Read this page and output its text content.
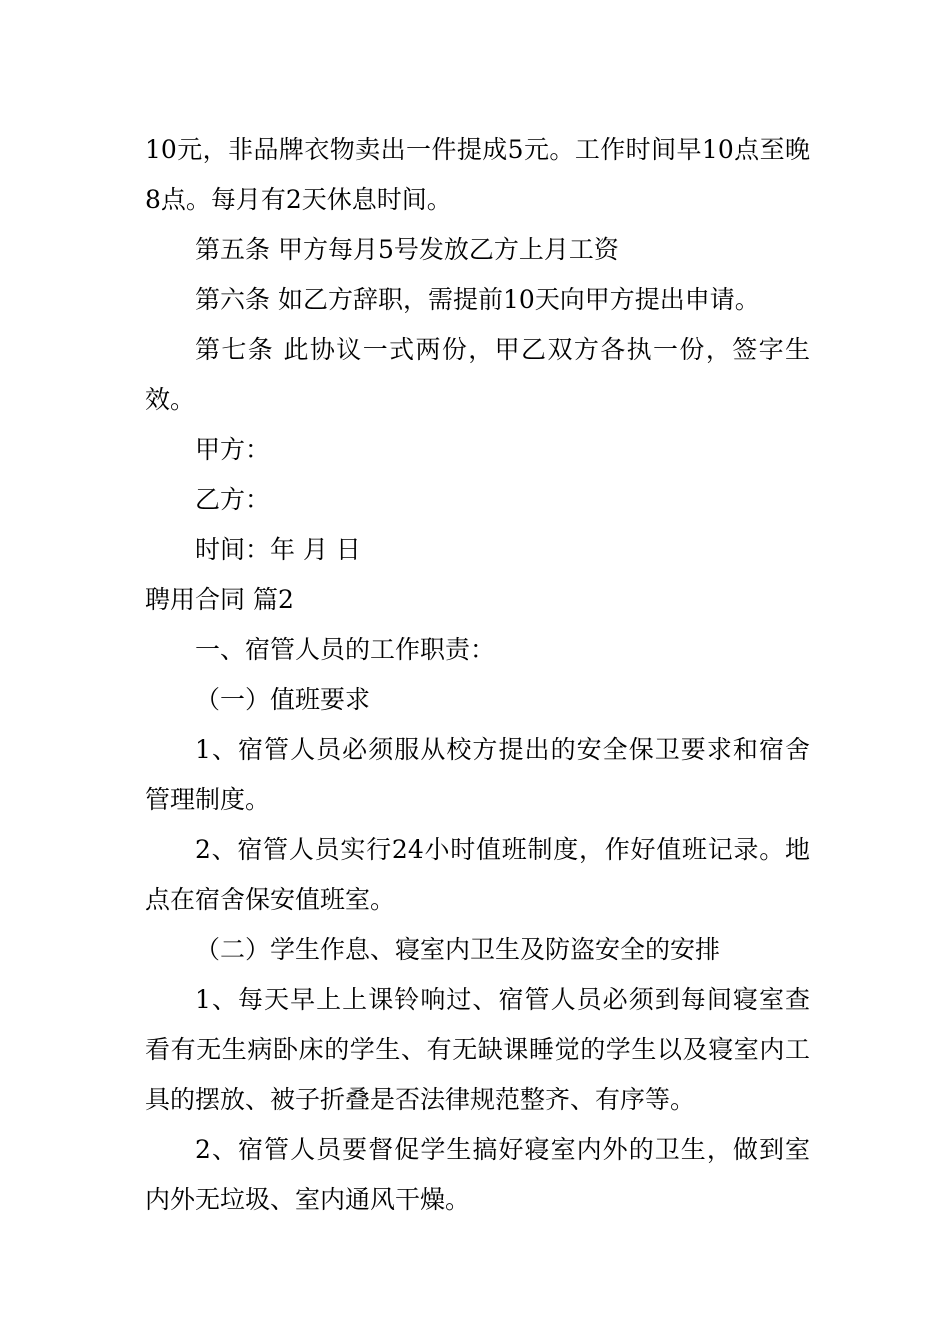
10元，非品牌衣物卖出一件提成5元。工作时间早10点至晚8点。每月有2天休息时间。

第五条 甲方每月5号发放乙方上月工资

第六条 如乙方辞职，需提前10天向甲方提出申请。

第七条 此协议一式两份，甲乙双方各执一份，签字生效。

甲方：

乙方：

时间：年 月 日

聘用合同 篇2

一、宿管人员的工作职责：

（一）值班要求

1、宿管人员必须服从校方提出的安全保卫要求和宿舍管理制度。

2、宿管人员实行24小时值班制度，作好值班记录。地点在宿舍保安值班室。

（二）学生作息、寝室内卫生及防盗安全的安排

1、每天早上上课铃响过、宿管人员必须到每间寝室查看有无生病卧床的学生、有无缺课睡觉的学生以及寝室内工具的摆放、被子折叠是否法律规范整齐、有序等。

2、宿管人员要督促学生搞好寝室内外的卫生，做到室内外无垃圾、室内通风干燥。
